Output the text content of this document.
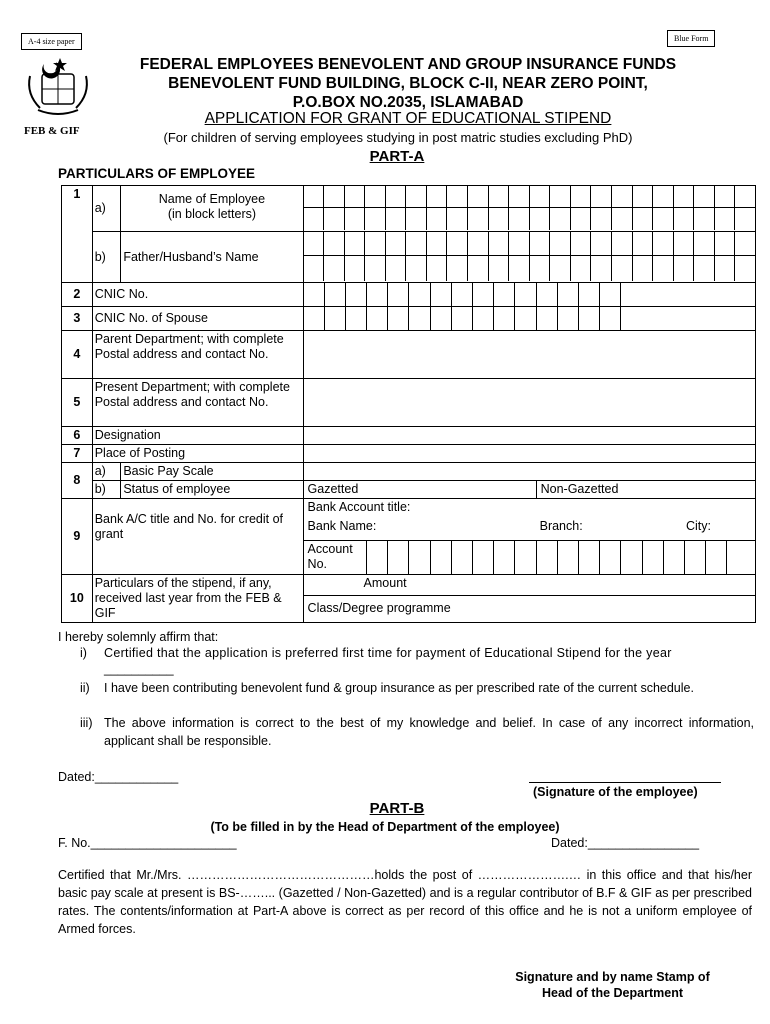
A-4 size paper	Blue Form
FEB & GIF
FEDERAL EMPLOYEES BENEVOLENT AND GROUP INSURANCE FUNDS
BENEVOLENT FUND BUILDING, BLOCK C-II, NEAR ZERO POINT,
P.O.BOX NO.2035, ISLAMABAD
APPLICATION FOR GRANT OF EDUCATIONAL STIPEND
(For children of serving employees studying in post matric studies excluding PhD)
PART-A
PARTICULARS OF EMPLOYEE
1	a)	Name of Employee
(in block letters)																					

	b)	Father/Husband’s Name																					

2	CNIC No.																						
3	CNIC No. of Spouse																						
4	Parent Department; with complete Postal address and contact No.																						
5	Present Department; with complete Postal address and contact No.																						
6	Designation																						
7	Place of Posting																						
8	a)	Basic Pay Scale																					
	b)	Status of employee	Gazetted											Non-Gazetted									
9	Bank A/C title and No. for credit of grant		Bank Account title:																				

			Bank Name: Branch: City:																				

			Account No.																				
10	Particulars of the stipend, if any, received last year from the FEB & GIF		Amount																				
			Class/Degree programme																				
I hereby solemnly affirm that:
i) Certified that the application is preferred first time for payment of Educational Stipend for the year
__________
ii) I have been contributing benevolent fund & group insurance as per prescribed rate of the current schedule.
iii) The above information is correct to the best of my knowledge and belief. In case of any incorrect information, applicant shall be responsible.
Dated:____________
(Signature of the employee)
PART-B
(To be filled in by the Head of Department of the employee)
F. No._____________________	Dated:________________
Certified that Mr./Mrs. ………………………………………holds the post of ………………….… in this office and that his/her basic pay scale at present is BS-……... (Gazetted / Non-Gazetted) and is a regular contributor of B.F & GIF as per prescribed rates. The contents/information at Part-A above is correct as per record of this office and he is not a uniform employee of Armed forces.
Signature and by name Stamp of
Head of the Department
